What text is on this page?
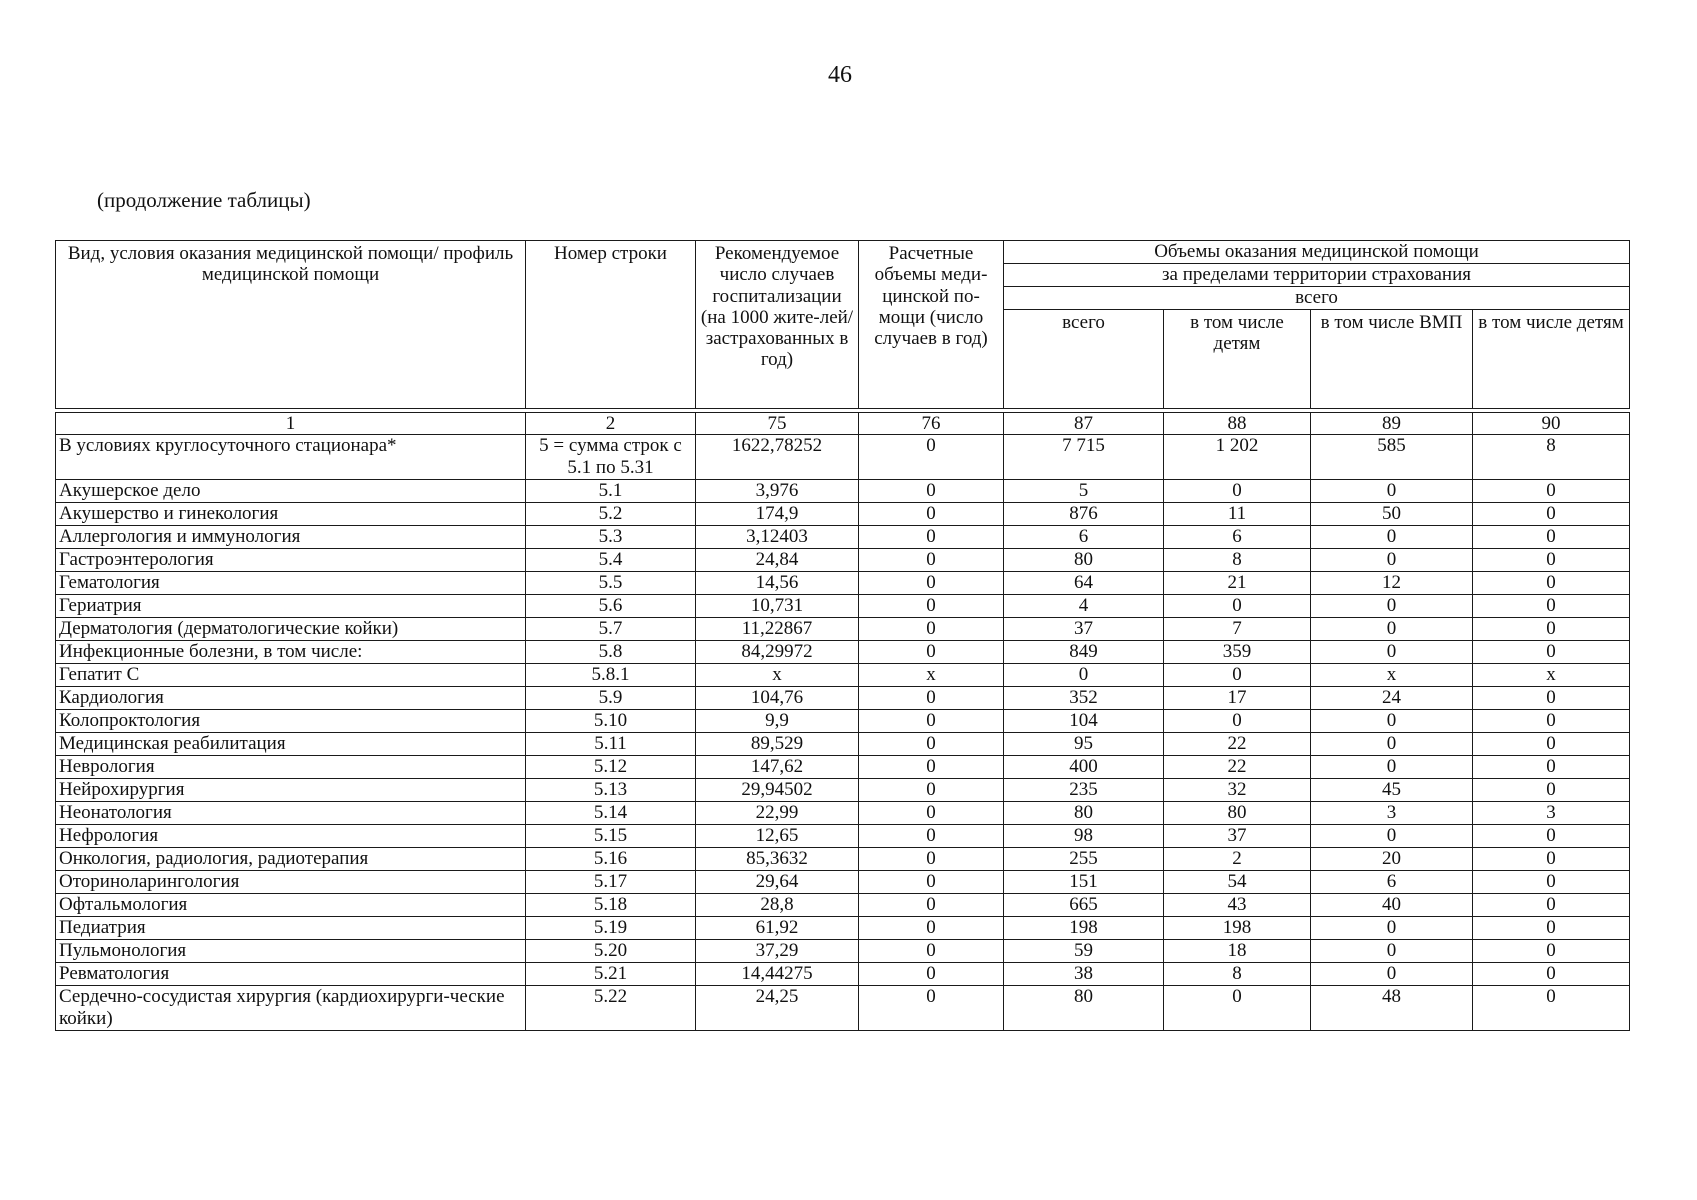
46
(продолжение таблицы)
Вид, условия оказания медицинской помощи/ профиль медицинской помощи	Номер строки	Рекомендуемое число случаев госпитализации (на 1000 жите-лей/ застрахованных в год)	Расчетные объемы меди-цинской по-мощи (число случаев в год)	Объемы оказания медицинской помощи			
				за пределами территории страхования			
				всего			
				всего	в том числе детям	в том числе ВМП	в том числе детям

1	2	75	76	87	88	89	90
В условиях круглосуточного стационара*	5 = сумма строк с 5.1 по 5.31	1622,78252	0	7 715	1 202	585	8
Акушерское дело	5.1	3,976	0	5	0	0	0
Акушерство и гинекология	5.2	174,9	0	876	11	50	0
Аллергология и иммунология	5.3	3,12403	0	6	6	0	0
Гастроэнтерология	5.4	24,84	0	80	8	0	0
Гематология	5.5	14,56	0	64	21	12	0
Гериатрия	5.6	10,731	0	4	0	0	0
Дерматология (дерматологические койки)	5.7	11,22867	0	37	7	0	0
Инфекционные болезни, в том числе:	5.8	84,29972	0	849	359	0	0
Гепатит С	5.8.1	х	х	0	0	х	х
Кардиология	5.9	104,76	0	352	17	24	0
Колопроктология	5.10	9,9	0	104	0	0	0
Медицинская реабилитация	5.11	89,529	0	95	22	0	0
Неврология	5.12	147,62	0	400	22	0	0
Нейрохирургия	5.13	29,94502	0	235	32	45	0
Неонатология	5.14	22,99	0	80	80	3	3
Нефрология	5.15	12,65	0	98	37	0	0
Онкология, радиология, радиотерапия	5.16	85,3632	0	255	2	20	0
Оториноларингология	5.17	29,64	0	151	54	6	0
Офтальмология	5.18	28,8	0	665	43	40	0
Педиатрия	5.19	61,92	0	198	198	0	0
Пульмонология	5.20	37,29	0	59	18	0	0
Ревматология	5.21	14,44275	0	38	8	0	0
Сердечно-сосудистая хирургия (кардиохирурги-ческие койки)	5.22	24,25	0	80	0	48	0
